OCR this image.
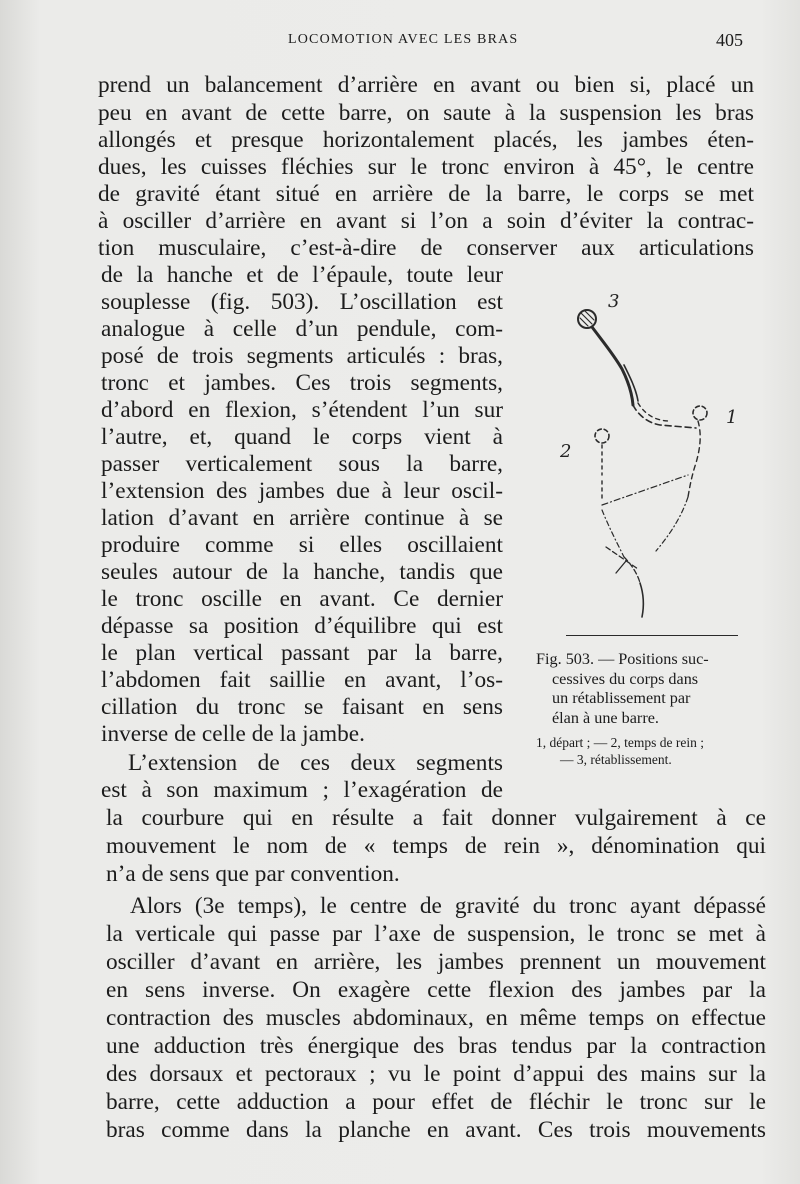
LOCOMOTION AVEC LES BRAS	405
prend un balancement d’arrière en avant ou bien si, placé un
peu en avant de cette barre, on saute à la suspension les bras
allongés et presque horizontalement placés, les jambes éten-
dues, les cuisses fléchies sur le tronc environ à 45°, le centre
de gravité étant situé en arrière de la barre, le corps se met
à osciller d’arrière en avant si l’on a soin d’éviter la contrac-
tion musculaire, c’est-à-dire de conserver aux articulations
de la hanche et de l’épaule, toute leur
souplesse (fig. 503). L’oscillation est
analogue à celle d’un pendule, com-
posé de trois segments articulés : bras,
tronc et jambes. Ces trois segments,
d’abord en flexion, s’étendent l’un sur
l’autre, et, quand le corps vient à
passer verticalement sous la barre,
l’extension des jambes due à leur oscil-
lation d’avant en arrière continue à se
produire comme si elles oscillaient
seules autour de la hanche, tandis que
le tronc oscille en avant. Ce dernier
dépasse sa position d’équilibre qui est
le plan vertical passant par la barre,
l’abdomen fait saillie en avant, l’os-
cillation du tronc se faisant en sens
inverse de celle de la jambe.
L’extension de ces deux segments
est à son maximum ; l’exagération de
la courbure qui en résulte a fait donner vulgairement à ce
mouvement le nom de « temps de rein », dénomination qui
n’a de sens que par convention.
Alors (3e temps), le centre de gravité du tronc ayant dépassé
la verticale qui passe par l’axe de suspension, le tronc se met à
osciller d’avant en arrière, les jambes prennent un mouvement
en sens inverse. On exagère cette flexion des jambes par la
contraction des muscles abdominaux, en même temps on effectue
une adduction très énergique des bras tendus par la contraction
des dorsaux et pectoraux ; vu le point d’appui des mains sur la
barre, cette adduction a pour effet de fléchir le tronc sur le
bras comme dans la planche en avant. Ces trois mouvements
3
1
2
Fig. 503. — Positions suc-
cessives du corps dans
un rétablissement par
élan à une barre.
1, départ ; — 2, temps de rein ;
— 3, rétablissement.
